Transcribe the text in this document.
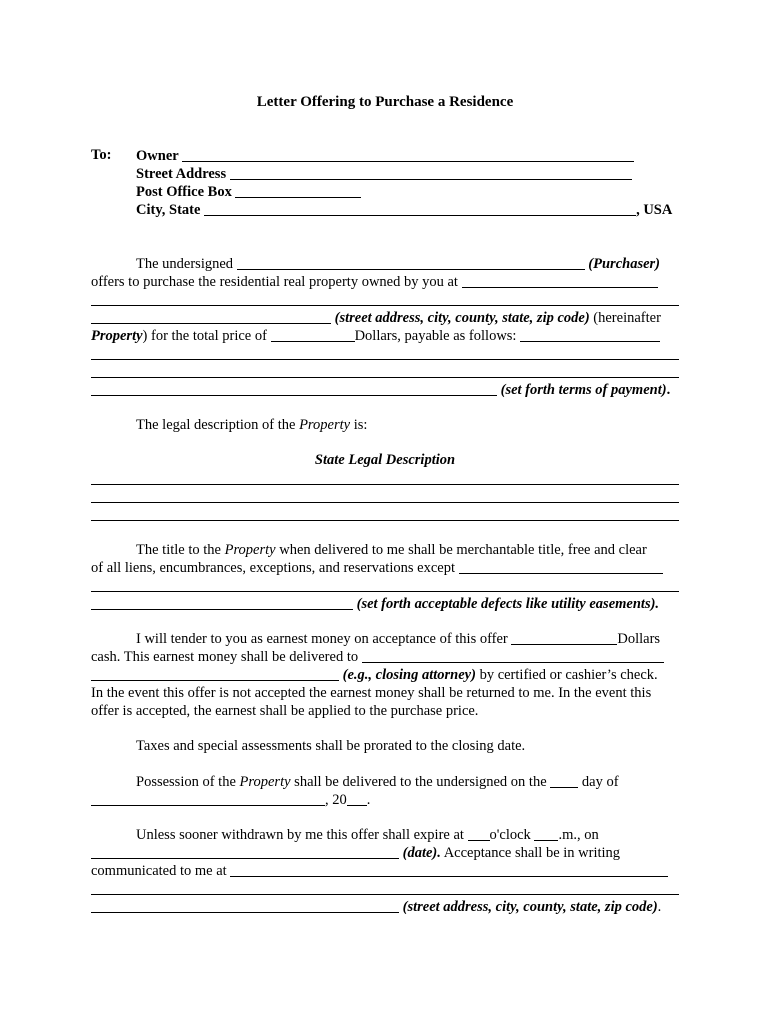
Letter Offering to Purchase a Residence
To: Owner
Street Address
Post Office Box
City, State	, USA
The undersigned	(Purchaser)
offers to purchase the residential real property owned by you at
(street address, city, county, state, zip code) (hereinafter
Property) for the total price of	Dollars, payable as follows:
(set forth terms of payment).
The legal description of the Property is:
State Legal Description
The title to the Property when delivered to me shall be merchantable title, free and clear
of all liens, encumbrances, exceptions, and reservations except
(set forth acceptable defects like utility easements).
I will tender to you as earnest money on acceptance of this offer	Dollars
cash. This earnest money shall be delivered to
(e.g., closing attorney) by certified or cashier’s check.
In the event this offer is not accepted the earnest money shall be returned to me. In the event this
offer is accepted, the earnest shall be applied to the purchase price.
Taxes and special assessments shall be prorated to the closing date.
Possession of the Property shall be delivered to the undersigned on the  day of
, 20 .
Unless sooner withdrawn by me this offer shall expire at o'clock .m., on
(date). Acceptance shall be in writing
communicated to me at
(street address, city, county, state, zip code).
